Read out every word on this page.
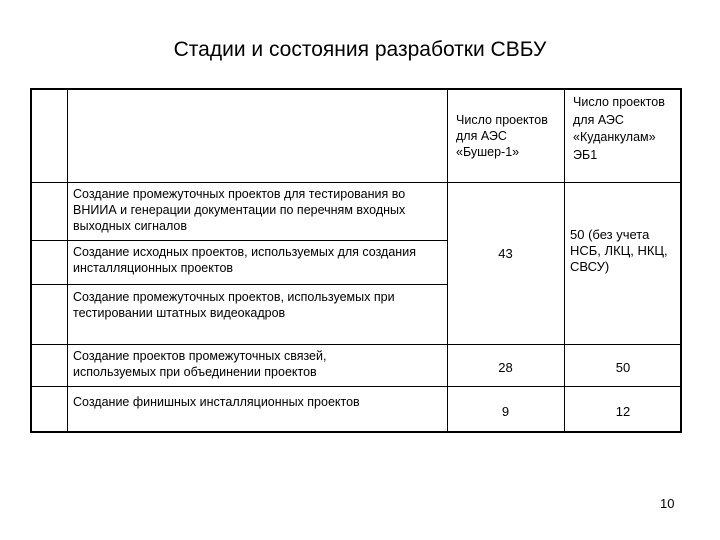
Стадии и состояния разработки СВБУ
Число проектов для АЭС «Бушер-1»
Число проектов для АЭС «Куданкулам» ЭБ1
Создание промежуточных проектов для тестирования во ВНИИА и генерации документации по перечням входных выходных сигналов
Создание исходных проектов, используемых для создания инсталляционных проектов
Создание промежуточных проектов, используемых при тестировании штатных видеокадров
Создание проектов промежуточных связей, используемых при объединении проектов
Создание финишных инсталляционных проектов
43
50 (без учета НСБ, ЛКЦ, НКЦ, СВСУ)
28	50
9	12
10
